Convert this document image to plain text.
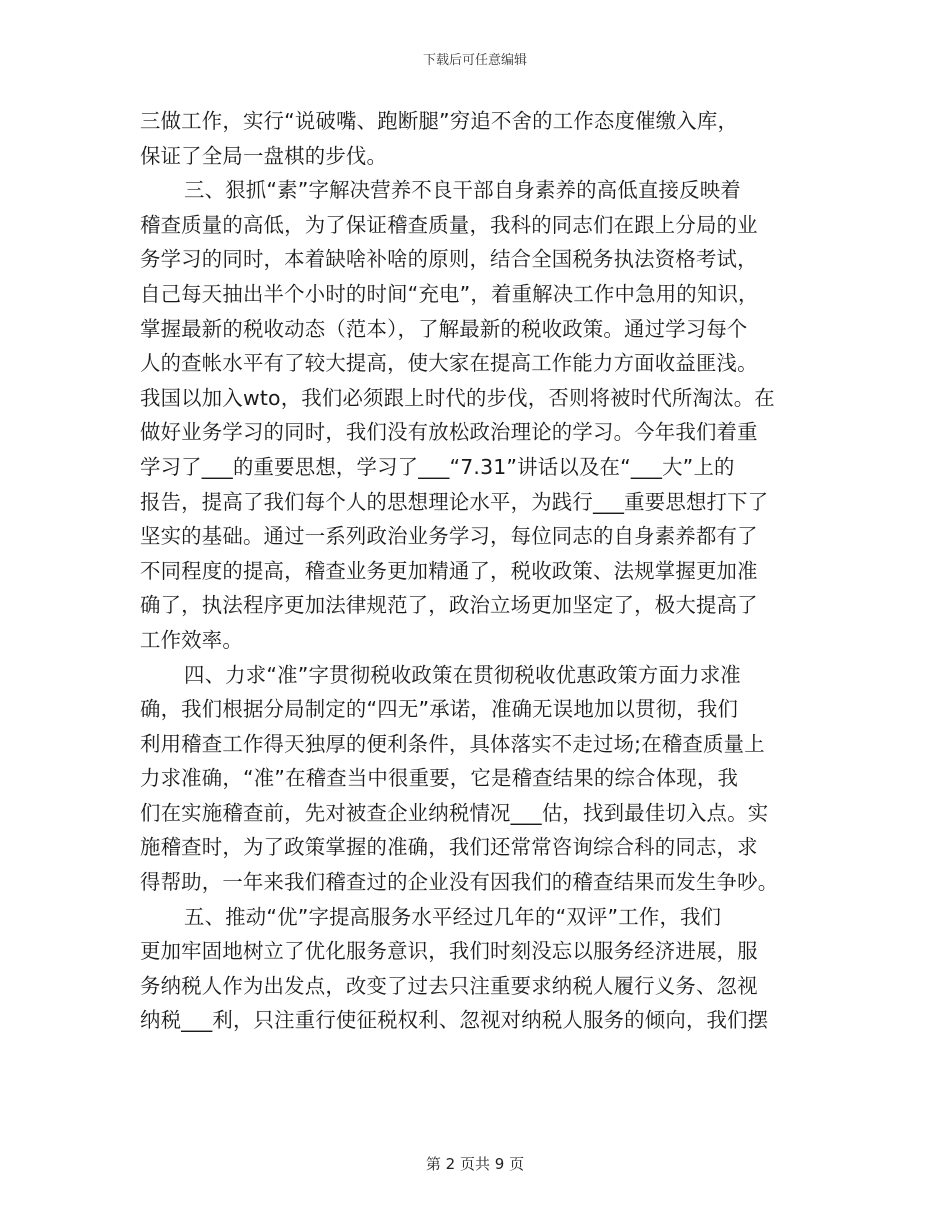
下载后可任意编辑
三做工作，实行“说破嘴、跑断腿”穷追不舍的工作态度催缴入库，
保证了全局一盘棋的步伐。
三、狠抓“素”字解决营养不良干部自身素养的高低直接反映着
稽查质量的高低，为了保证稽查质量，我科的同志们在跟上分局的业
务学习的同时，本着缺啥补啥的原则，结合全国税务执法资格考试，
自己每天抽出半个小时的时间“充电”，着重解决工作中急用的知识，
掌握最新的税收动态（范本），了解最新的税收政策。通过学习每个
人的查帐水平有了较大提高，使大家在提高工作能力方面收益匪浅。
我国以加入wto，我们必须跟上时代的步伐，否则将被时代所淘汰。在
做好业务学习的同时，我们没有放松政治理论的学习。今年我们着重
学习了___的重要思想，学习了___“7.31”讲话以及在“___大”上的
报告，提高了我们每个人的思想理论水平，为践行___重要思想打下了
坚实的基础。通过一系列政治业务学习，每位同志的自身素养都有了
不同程度的提高，稽查业务更加精通了，税收政策、法规掌握更加准
确了，执法程序更加法律规范了，政治立场更加坚定了，极大提高了
工作效率。
四、力求“准”字贯彻税收政策在贯彻税收优惠政策方面力求准
确，我们根据分局制定的“四无”承诺，准确无误地加以贯彻，我们
利用稽查工作得天独厚的便利条件，具体落实不走过场;在稽查质量上
力求准确，“准”在稽查当中很重要，它是稽查结果的综合体现，我
们在实施稽查前，先对被查企业纳税情况___估，找到最佳切入点。实
施稽查时，为了政策掌握的准确，我们还常常咨询综合科的同志，求
得帮助，一年来我们稽查过的企业没有因我们的稽查结果而发生争吵。
五、推动“优”字提高服务水平经过几年的“双评”工作，我们
更加牢固地树立了优化服务意识，我们时刻没忘以服务经济进展，服
务纳税人作为出发点，改变了过去只注重要求纳税人履行义务、忽视
纳税___利，只注重行使征税权利、忽视对纳税人服务的倾向，我们摆
第 2 页共 9 页
